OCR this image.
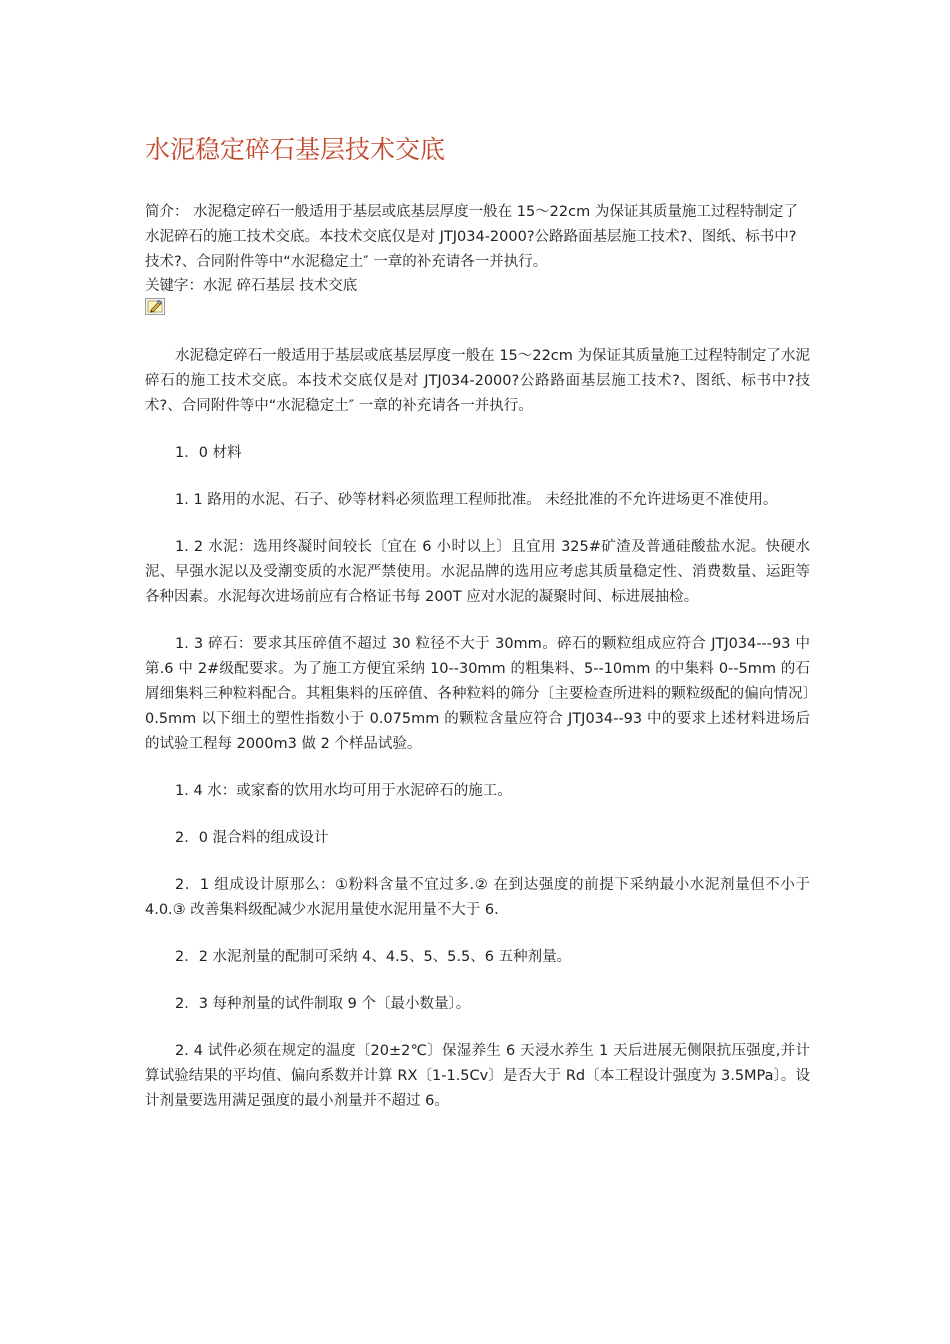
水泥稳定碎石基层技术交底

简介： 水泥稳定碎石一般适用于基层或底基层厚度一般在 15～22cm 为保证其质量施工过程特制定了水泥碎石的施工技术交底。本技术交底仅是对 JTJ034-2000?公路路面基层施工技术?、图纸、标书中?技术?、合同附件等中“水泥稳定土″ 一章的补充请各一并执行。

关键字：水泥 碎石基层 技术交底

水泥稳定碎石一般适用于基层或底基层厚度一般在 15～22cm 为保证其质量施工过程特制定了水泥碎石的施工技术交底。本技术交底仅是对 JTJ034-2000?公路路面基层施工技术?、图纸、标书中?技术?、合同附件等中“水泥稳定土″ 一章的补充请各一并执行。

1．0 材料

1. 1 路用的水泥、石子、砂等材料必须监理工程师批准。 未经批准的不允许进场更不准使用。

1. 2 水泥：选用终凝时间较长〔宜在 6 小时以上〕且宜用 325#矿渣及普通硅酸盐水泥。快硬水泥、早强水泥以及受潮变质的水泥严禁使用。水泥品牌的选用应考虑其质量稳定性、消费数量、运距等各种因素。水泥每次进场前应有合格证书每 200T 应对水泥的凝聚时间、标进展抽检。

1. 3 碎石：要求其压碎值不超过 30 粒径不大于 30mm。碎石的颗粒组成应符合 JTJ034---93 中第.6 中 2#级配要求。为了施工方便宜采纳 10--30mm 的粗集料、5--10mm 的中集料 0--5mm 的石屑细集料三种粒料配合。其粗集料的压碎值、各种粒料的筛分〔主要检查所进料的颗粒级配的偏向情况〕0.5mm 以下细土的塑性指数小于 0.075mm 的颗粒含量应符合 JTJ034--93 中的要求上述材料进场后的试验工程每 2000m3 做 2 个样品试验。

1. 4 水：或家畜的饮用水均可用于水泥碎石的施工。

2．0 混合料的组成设计

2．1 组成设计原那么：①粉料含量不宜过多.② 在到达强度的前提下采纳最小水泥剂量但不小于 4.0.③ 改善集料级配减少水泥用量使水泥用量不大于 6.

2．2 水泥剂量的配制可采纳 4、4.5、5、5.5、6 五种剂量。

2．3 每种剂量的试件制取 9 个〔最小数量〕。

2. 4 试件必须在规定的温度〔20±2℃〕保湿养生 6 天浸水养生 1 天后进展无侧限抗压强度,并计算试验结果的平均值、偏向系数并计算 RX〔1-1.5Cv〕是否大于 Rd〔本工程设计强度为 3.5MPa〕。设计剂量要选用满足强度的最小剂量并不超过 6。
